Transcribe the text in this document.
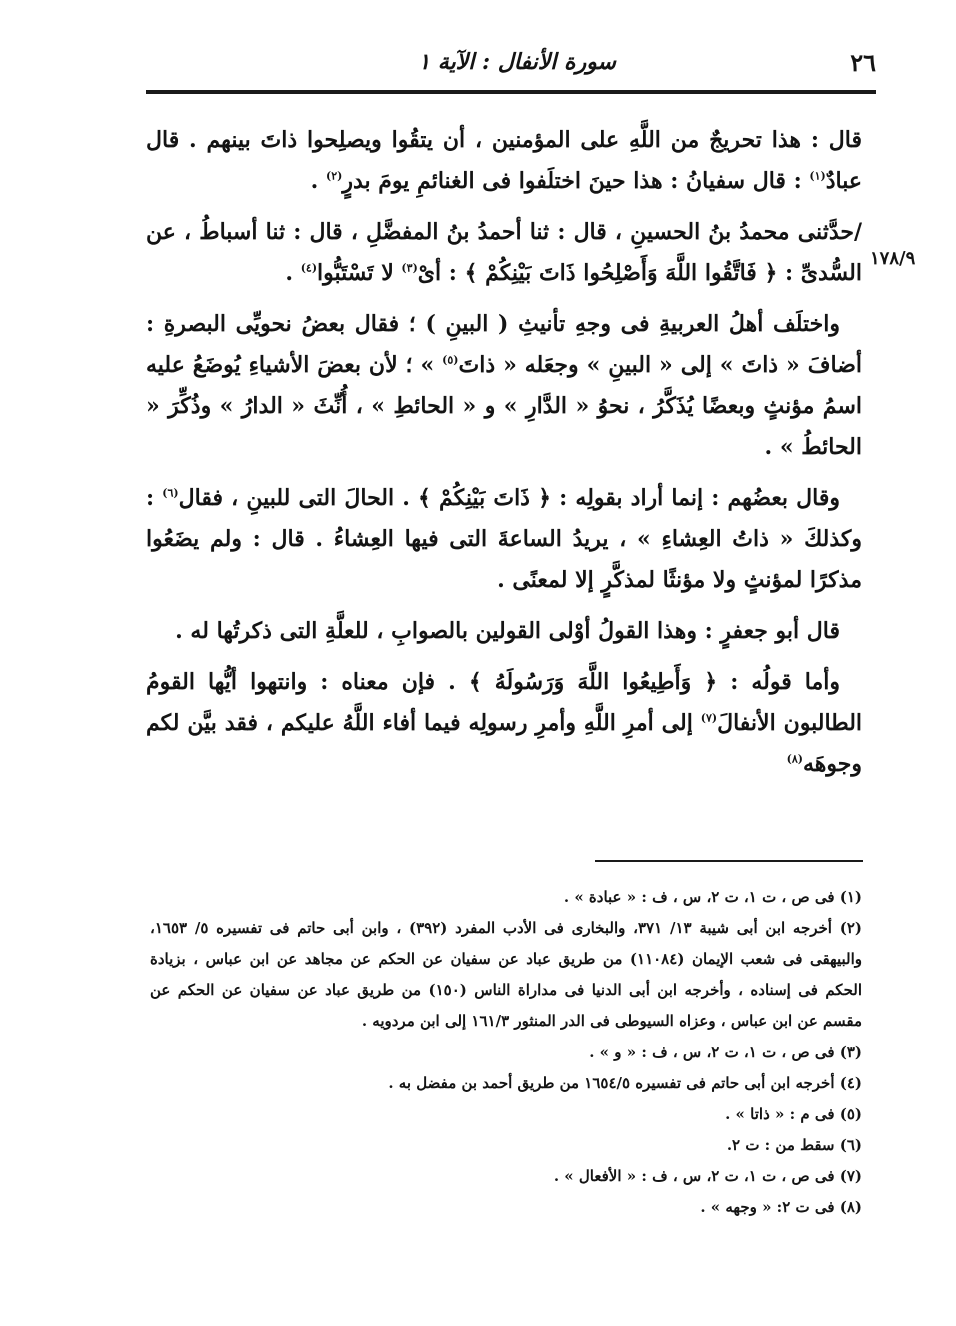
٢٦
سورة الأنفال : الآية ١
١٧٨/٩

قال : هذا تحريجٌ من اللَّهِ على المؤمنين ، أن يتقُوا ويصلِحوا ذاتَ بينهم . قال عبادٌ$^{(١)}$ : قال سفيانُ : هذا حينَ اختلَفوا فى الغنائمِ يومَ بدرٍ$^{(٢)}$ .

/حدَّثنى محمدُ بنُ الحسينِ ، قال : ثنا أحمدُ بنُ المفضَّلِ ، قال : ثنا أسباطُ ، عن السُّدىِّ : ﴿ فَاتَّقُوا اللَّهَ وَأَصْلِحُوا ذَاتَ بَيْنِكُمْ ﴾ : أىْ$^{(٣)}$ لا تَسْتَبُّوا$^{(٤)}$ .

واختلَف أهلُ العربيةِ فى وجهِ تأنيثِ ( البينِ ) ؛ فقال بعضُ نحويِّى البصرةِ : أضافَ « ذاتَ » إلى « البينِ » وجعَله « ذاتَ$^{(٥)}$ » ؛ لأن بعضَ الأشياءِ يُوضَعُ عليه اسمُ مؤنثٍ وبعضًا يُذَكَّرُ ، نحوُ « الدَّارِ » و « الحائطِ » ، أُنِّثَ « الدارُ » وذُكِّرَ « الحائطُ » .

وقال بعضُهم : إنما أراد بقولِه : ﴿ ذَاتَ بَيْنِكُمْ ﴾ . الحالَ التى للبينِ ، فقال$^{(٦)}$ : وكذلكَ « ذاتُ العِشاءِ » ، يريدُ الساعةَ التى فيها العِشاءُ . قال : ولم يضَعُوا مذكرًا لمؤنثٍ ولا مؤنثًا لمذكَّرٍ إلا لمعنًى .

قال أبو جعفرٍ : وهذا القولُ أوْلى القولين بالصوابِ ، للعلَّةِ التى ذكرتُها له .

وأما قولُه : ﴿ وَأَطِيعُوا اللَّهَ وَرَسُولَهُ ﴾ . فإن معناه : وانتهوا أيُّها القومُ الطالبون الأنفالَ$^{(٧)}$ إلى أمرِ اللَّهِ وأمرِ رسولِه فيما أفاء اللَّهُ عليكم ، فقد بيَّن لكم وجوهَه$^{(٨)}$

(١) فى ص ، ت ١، ت ٢، س ، ف : « عبادة » .

(٢) أخرجه ابن أبى شيبة ١٣/ ٣٧١، والبخارى فى الأدب المفرد (٣٩٢) ، وابن أبى حاتم فى تفسيره ٥/ ١٦٥٣، والبيهقى فى شعب الإيمان (١١٠٨٤) من طريق عباد عن سفيان عن الحكم عن مجاهد عن ابن عباس ، بزيادة الحكم فى إسناده ، وأخرجه ابن أبى الدنيا فى مداراة الناس (١٥٠) من طريق عباد عن سفيان عن الحكم عن مقسم عن ابن عباس ، وعزاه السيوطى فى الدر المنثور ١٦١/٣ إلى ابن مردويه .

(٣) فى ص ، ت ١، ت ٢، س ، ف : « و » .

(٤) أخرجه ابن أبى حاتم فى تفسيره ١٦٥٤/٥ من طريق أحمد بن مفضل به .

(٥) فى م : « ذاتا » .

(٦) سقط من : ت ٢.

(٧) فى ص ، ت ١، ت ٢، س ، ف : « الأفعال » .

(٨) فى ت ٢: « وجهه » .
